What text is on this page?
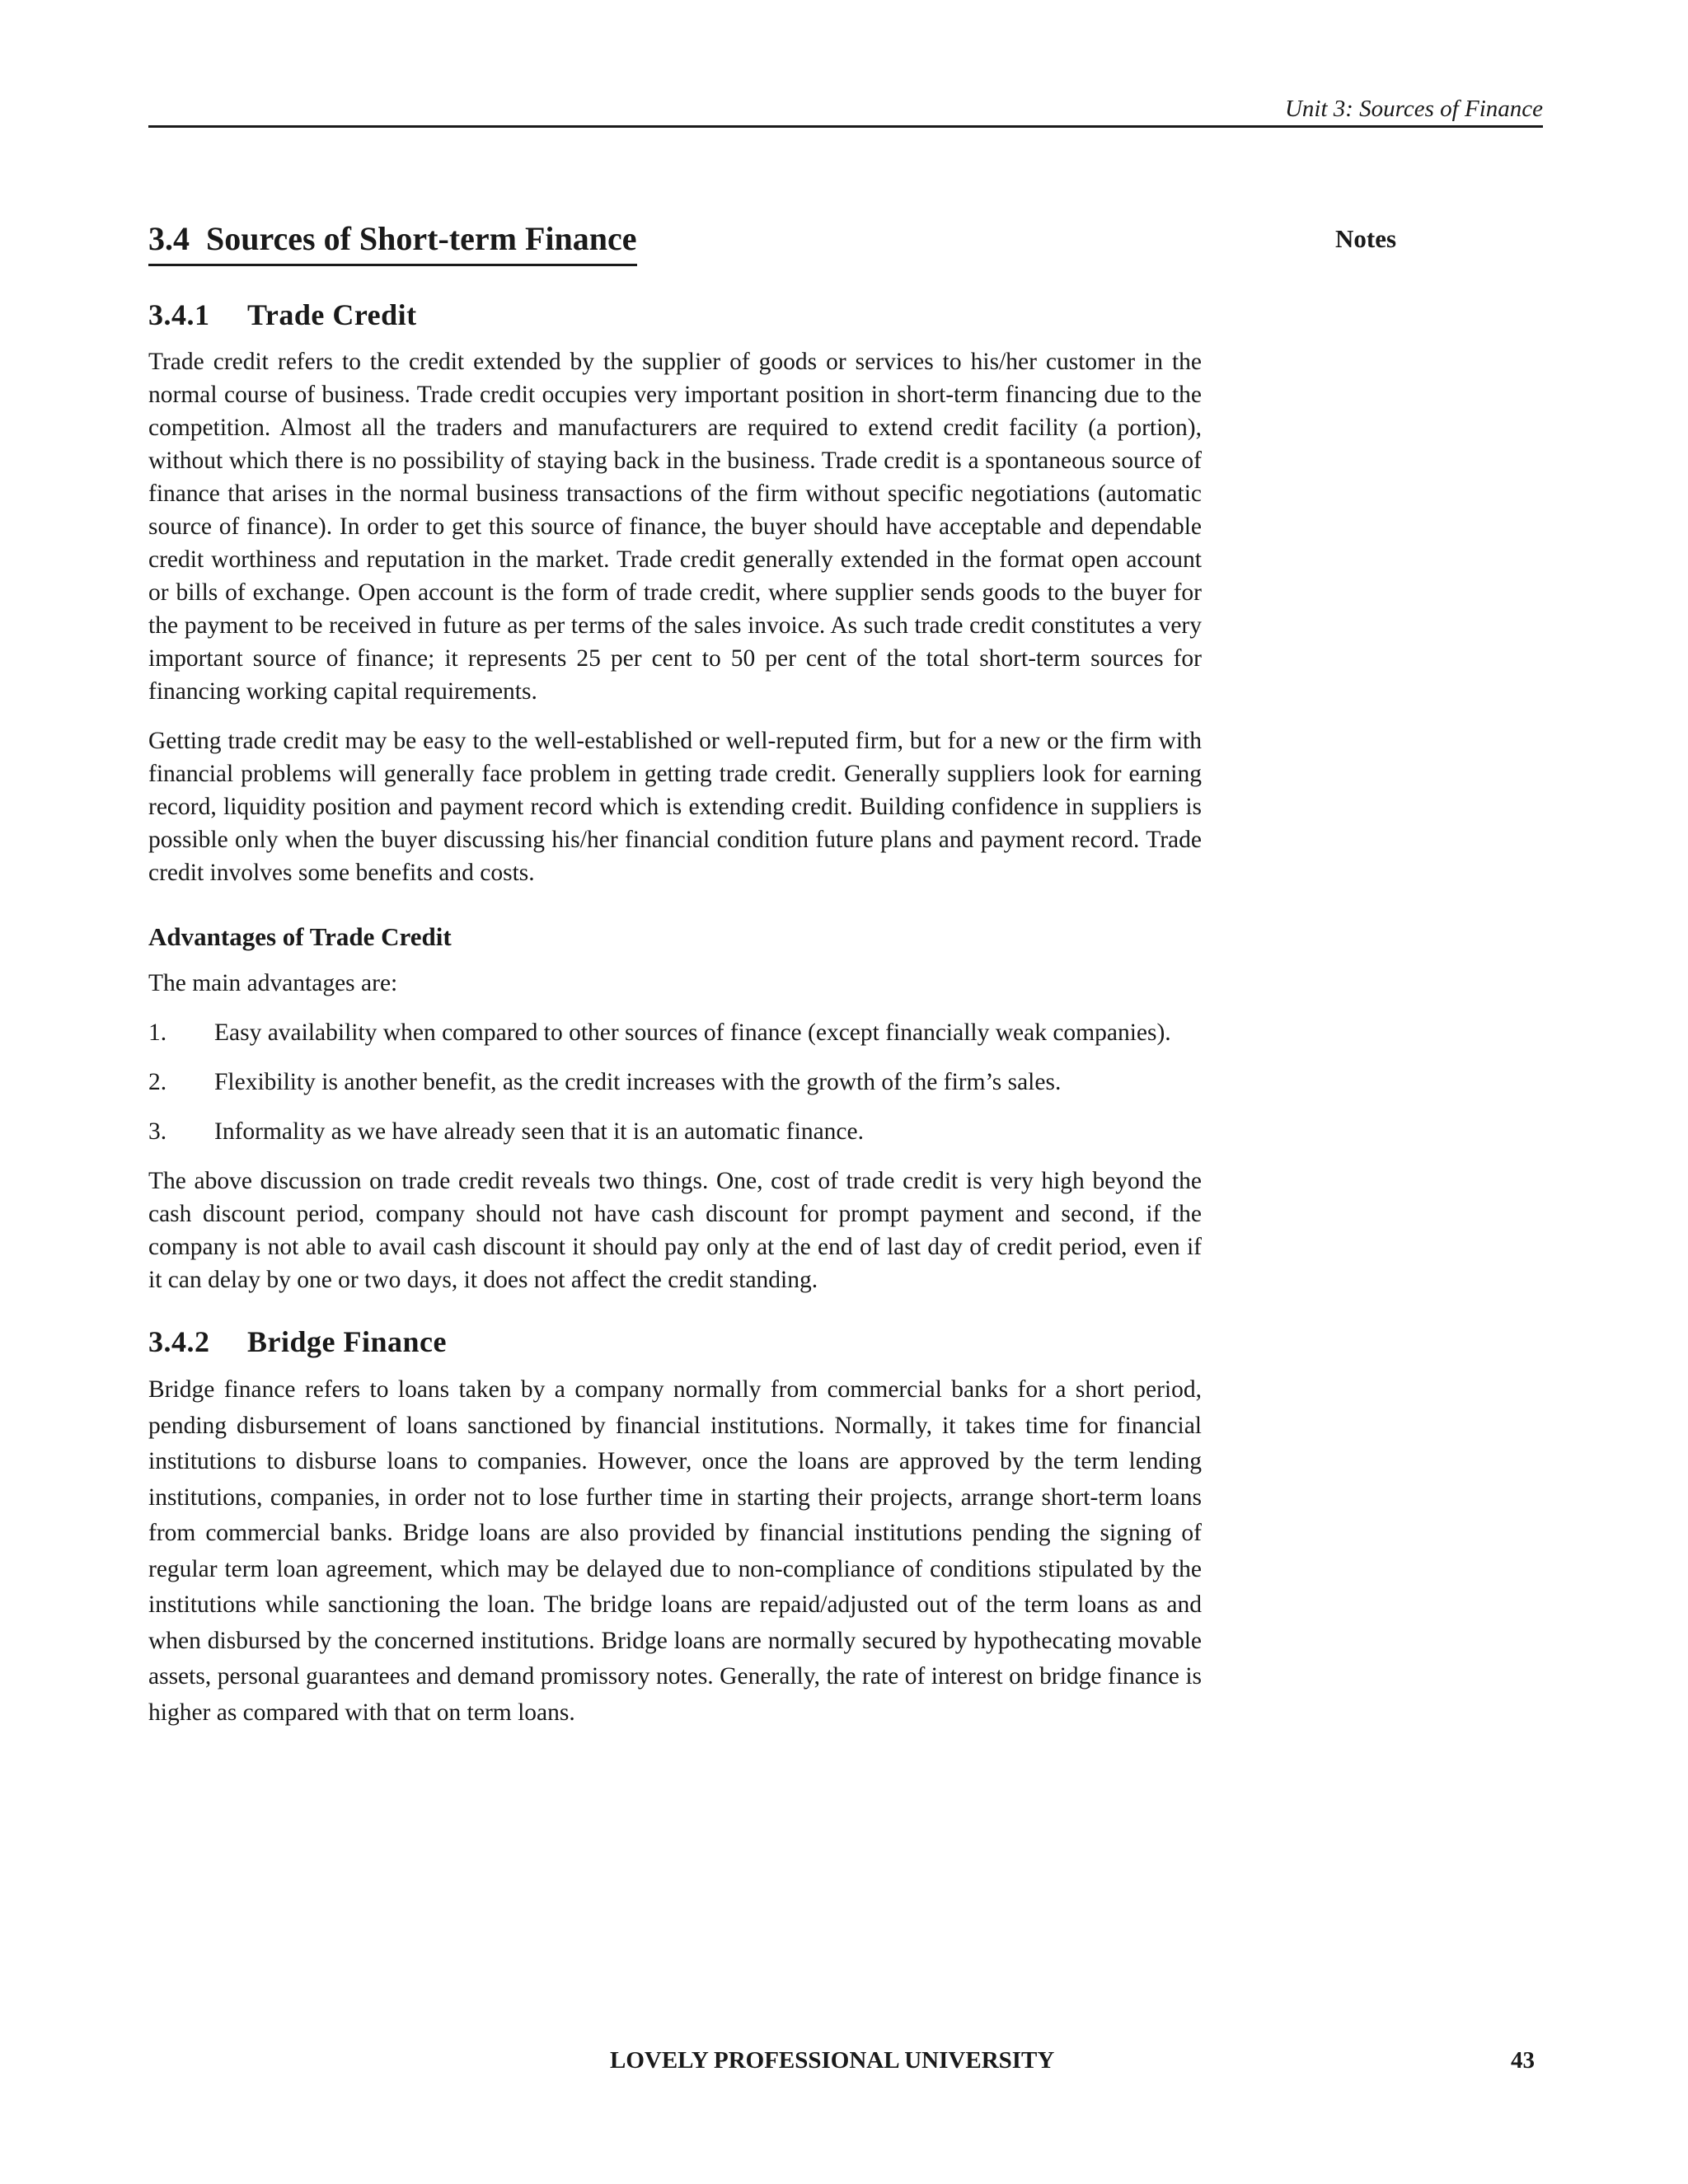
Unit 3: Sources of Finance
Notes
3.4 Sources of Short-term Finance
3.4.1 Trade Credit

Trade credit refers to the credit extended by the supplier of goods or services to his/her customer in the normal course of business. Trade credit occupies very important position in short-term financing due to the competition. Almost all the traders and manufacturers are required to extend credit facility (a portion), without which there is no possibility of staying back in the business. Trade credit is a spontaneous source of finance that arises in the normal business transactions of the firm without specific negotiations (automatic source of finance). In order to get this source of finance, the buyer should have acceptable and dependable credit worthiness and reputation in the market. Trade credit generally extended in the format open account or bills of exchange. Open account is the form of trade credit, where supplier sends goods to the buyer for the payment to be received in future as per terms of the sales invoice. As such trade credit constitutes a very important source of finance; it represents 25 per cent to 50 per cent of the total short-term sources for financing working capital requirements.

Getting trade credit may be easy to the well-established or well-reputed firm, but for a new or the firm with financial problems will generally face problem in getting trade credit. Generally suppliers look for earning record, liquidity position and payment record which is extending credit. Building confidence in suppliers is possible only when the buyer discussing his/her financial condition future plans and payment record. Trade credit involves some benefits and costs.

Advantages of Trade Credit

The main advantages are:

1.	Easy availability when compared to other sources of finance (except financially weak companies).
2.	Flexibility is another benefit, as the credit increases with the growth of the firm’s sales.
3.	Informality as we have already seen that it is an automatic finance.

The above discussion on trade credit reveals two things. One, cost of trade credit is very high beyond the cash discount period, company should not have cash discount for prompt payment and second, if the company is not able to avail cash discount it should pay only at the end of last day of credit period, even if it can delay by one or two days, it does not affect the credit standing.

3.4.2 Bridge Finance

Bridge finance refers to loans taken by a company normally from commercial banks for a short period, pending disbursement of loans sanctioned by financial institutions. Normally, it takes time for financial institutions to disburse loans to companies. However, once the loans are approved by the term lending institutions, companies, in order not to lose further time in starting their projects, arrange short-term loans from commercial banks. Bridge loans are also provided by financial institutions pending the signing of regular term loan agreement, which may be delayed due to non-compliance of conditions stipulated by the institutions while sanctioning the loan. The bridge loans are repaid/adjusted out of the term loans as and when disbursed by the concerned institutions. Bridge loans are normally secured by hypothecating movable assets, personal guarantees and demand promissory notes. Generally, the rate of interest on bridge finance is higher as compared with that on term loans.

LOVELY PROFESSIONAL UNIVERSITY	43
